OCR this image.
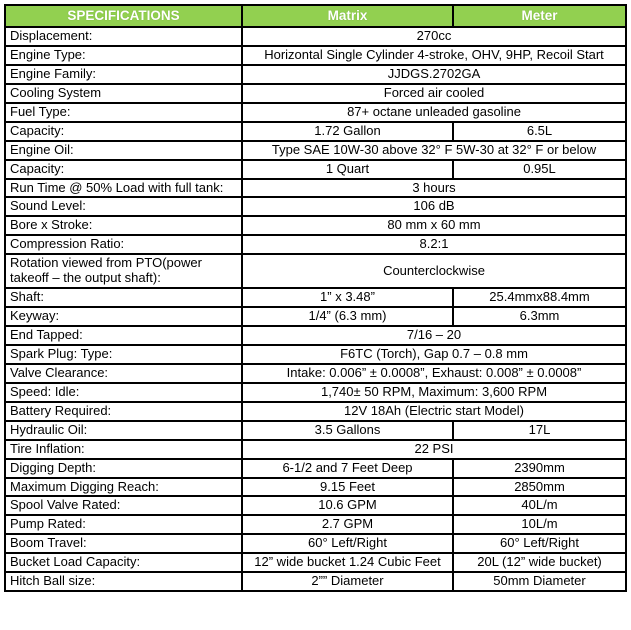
SPECIFICATIONS	Matrix	Meter
Displacement:	270cc	
Engine Type:	Horizontal Single Cylinder 4-stroke, OHV, 9HP, Recoil Start	
Engine Family:	JJDGS.2702GA	
Cooling System	Forced air cooled	
Fuel Type:	87+ octane unleaded gasoline	
Capacity:	1.72 Gallon	6.5L
Engine Oil:	Type SAE 10W-30 above 32° F 5W-30 at 32° F or below	
Capacity:	1 Quart	0.95L
Run Time @ 50% Load with full tank:	3 hours	
Sound Level:	106 dB	
Bore x Stroke:	80 mm x 60 mm	
Compression Ratio:	8.2:1	
Rotation viewed from PTO(power takeoff – the output shaft):	Counterclockwise	
Shaft:	1” x 3.48”	25.4mmx88.4mm
Keyway:	1/4” (6.3 mm)	6.3mm
End Tapped:	7/16 – 20	
Spark Plug: Type:	F6TC (Torch), Gap 0.7 – 0.8 mm	
Valve Clearance:	Intake: 0.006” ± 0.0008”, Exhaust: 0.008” ± 0.0008”	
Speed: Idle:	1,740± 50 RPM, Maximum: 3,600 RPM	
Battery Required:	12V 18Ah (Electric start Model)	
Hydraulic Oil:	3.5 Gallons	17L
Tire Inflation:	22 PSI	
Digging Depth:	6-1/2 and 7 Feet Deep	2390mm
Maximum Digging Reach:	9.15 Feet	2850mm
Spool Valve Rated:	10.6 GPM	40L/m
Pump Rated:	2.7 GPM	10L/m
Boom Travel:	60° Left/Right	60° Left/Right
Bucket Load Capacity:	12” wide bucket 1.24 Cubic Feet	20L (12” wide bucket)
Hitch Ball size:	2”” Diameter	50mm Diameter
